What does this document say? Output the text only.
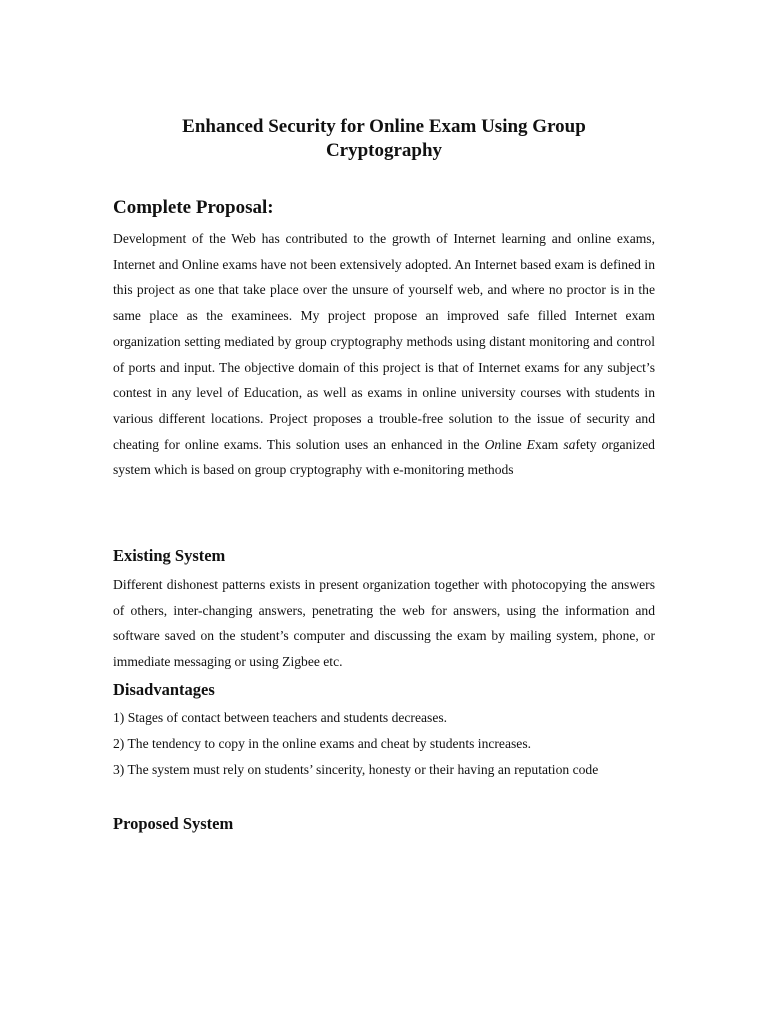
Enhanced Security for Online Exam Using Group
Cryptography
Complete Proposal:

Development of the Web has contributed to the growth of Internet learning and online exams, Internet and Online exams have not been extensively adopted. An Internet based exam is defined in this project as one that take place over the unsure of yourself web, and where no proctor is in the same place as the examinees. My project propose an improved safe filled Internet exam organization setting mediated by group cryptography methods using distant monitoring and control of ports and input. The objective domain of this project is that of Internet exams for any subject’s contest in any level of Education, as well as exams in online university courses with students in various different locations. Project proposes a trouble-free solution to the issue of security and cheating for online exams. This solution uses an enhanced in the Online Exam safety organized system which is based on group cryptography with e-monitoring methods

Existing System

Different dishonest patterns exists in present organization together with photocopying the answers of others, inter-changing answers, penetrating the web for answers, using the information and software saved on the student’s computer and discussing the exam by mailing system, phone, or immediate messaging or using Zigbee etc.

Disadvantages

1) Stages of contact between teachers and students decreases.

2) The tendency to copy in the online exams and cheat by students increases.

3) The system must rely on students’ sincerity, honesty or their having an reputation code

Proposed System
